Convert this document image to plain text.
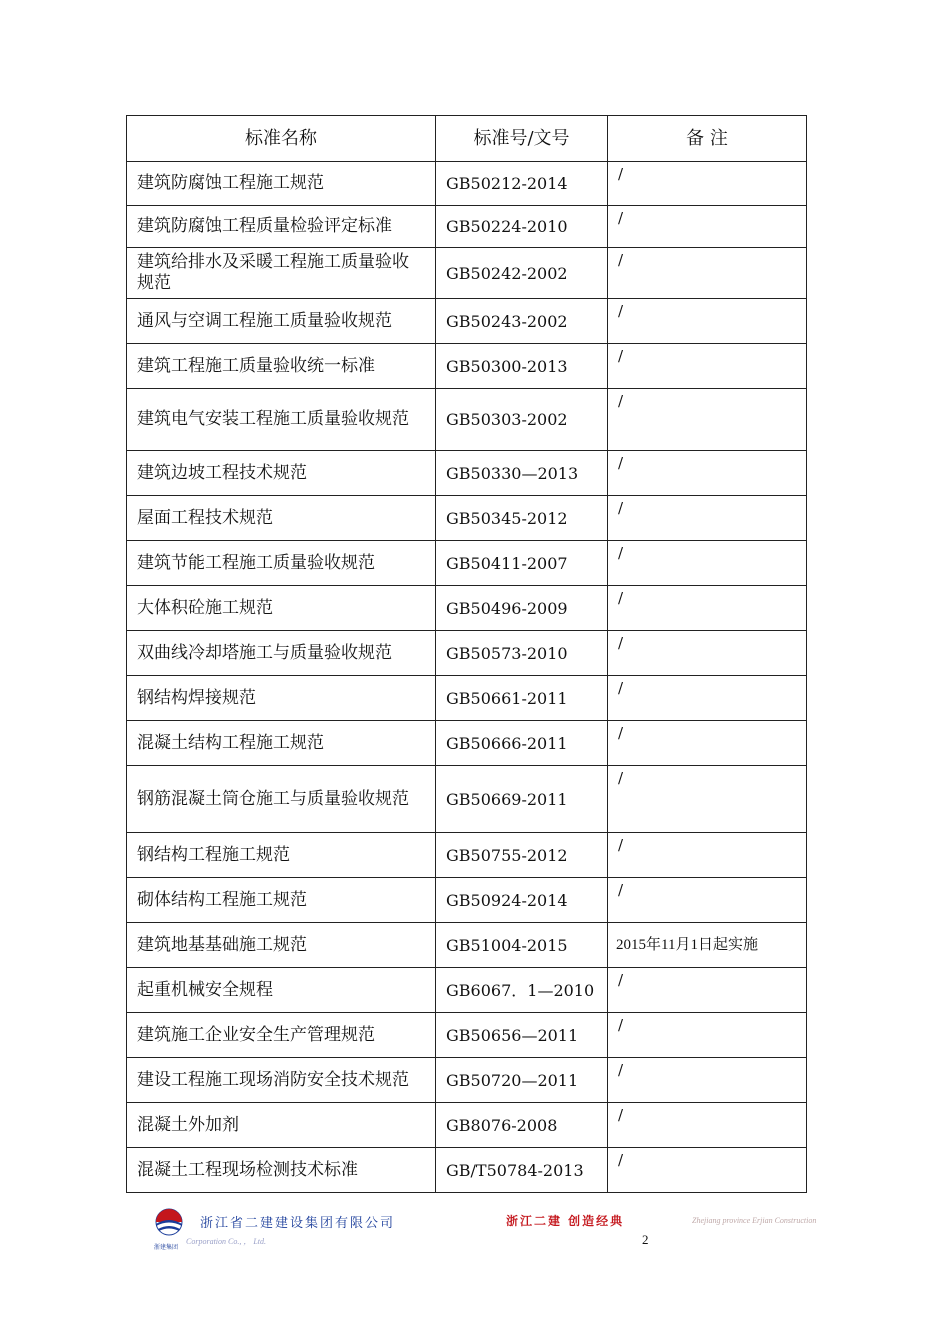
标准名称	标准号/文号	备 注
建筑防腐蚀工程施工规范	GB50212-2014	/
建筑防腐蚀工程质量检验评定标准	GB50224-2010	/
建筑给排水及采暖工程施工质量验收规范	GB50242-2002	/
通风与空调工程施工质量验收规范	GB50243-2002	/
建筑工程施工质量验收统一标准	GB50300-2013	/
建筑电气安装工程施工质量验收规范	GB50303-2002	/
建筑边坡工程技术规范	GB50330—2013	/
屋面工程技术规范	GB50345-2012	/
建筑节能工程施工质量验收规范	GB50411-2007	/
大体积砼施工规范	GB50496-2009	/
双曲线冷却塔施工与质量验收规范	GB50573-2010	/
钢结构焊接规范	GB50661-2011	/
混凝土结构工程施工规范	GB50666-2011	/
钢筋混凝土筒仓施工与质量验收规范	GB50669-2011	/
钢结构工程施工规范	GB50755-2012	/
砌体结构工程施工规范	GB50924-2014	/
建筑地基基础施工规范	GB51004-2015	2015年11月1日起实施
起重机械安全规程	GB6067．1—2010	/
建筑施工企业安全生产管理规范	GB50656—2011	/
建设工程施工现场消防安全技术规范	GB50720—2011	/
混凝土外加剂	GB8076-2008	/
混凝土工程现场检测技术标准	GB/T50784-2013	/
浙建集团
浙江省二建建设集团有限公司
Corporation Co., ， Ltd.
浙江二建 创造经典	Zhejiang province Erjian Construction
2
